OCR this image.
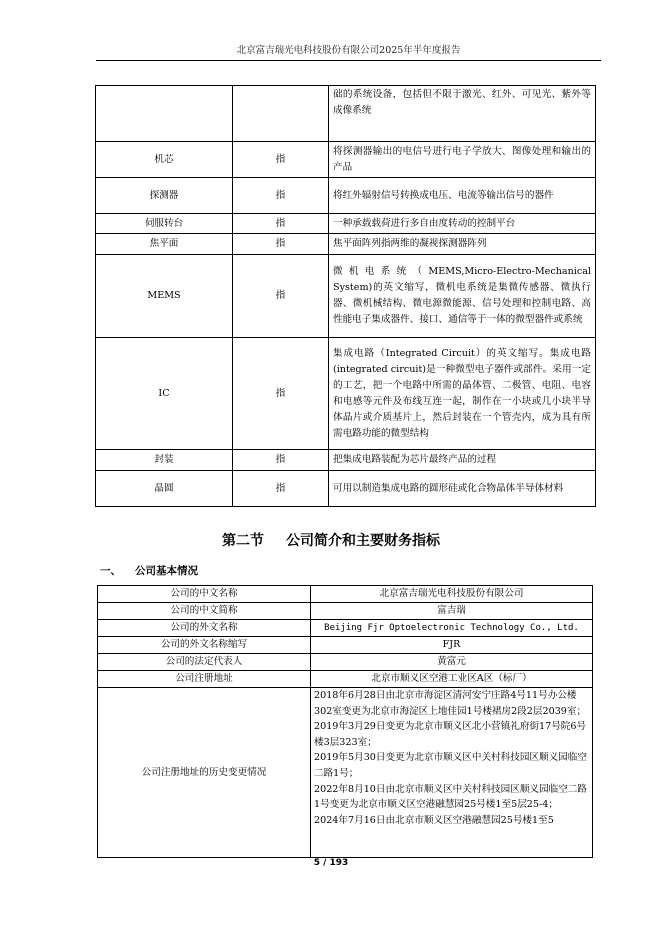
北京富吉瑞光电科技股份有限公司2025年半年度报告
		础的系统设备，包括但不限于激光、红外、可见光、紫外等成像系统
机芯	指	将探测器输出的电信号进行电子学放大、图像处理和输出的产品
探测器	指	将红外辐射信号转换成电压、电流等输出信号的器件
伺服转台	指	一种承载载荷进行多自由度转动的控制平台
焦平面	指	焦平面阵列指两维的凝视探测器阵列
MEMS	指	微机电系统（MEMS,Micro-Electro-Mechanical System)的英文缩写，微机电系统是集微传感器、微执行器、微机械结构、微电源微能源、信号处理和控制电路、高性能电子集成器件、接口、通信等于一体的微型器件或系统
IC	指	集成电路（Integrated Circuit）的英文缩写。集成电路(integrated circuit)是一种微型电子器件或部件。采用一定的工艺，把一个电路中所需的晶体管、二极管、电阻、电容和电感等元件及布线互连一起，制作在一小块或几小块半导体晶片或介质基片上，然后封装在一个管壳内，成为具有所需电路功能的微型结构
封装	指	把集成电路装配为芯片最终产品的过程
晶圆	指	可用以制造集成电路的圆形硅或化合物晶体半导体材料
第二节 公司简介和主要财务指标
一、 公司基本情况
公司的中文名称	北京富吉瑞光电科技股份有限公司
公司的中文简称	富吉瑞
公司的外文名称	Beijing Fjr Optoelectronic Technology Co., Ltd.
公司的外文名称缩写	FJR
公司的法定代表人	黄富元
公司注册地址	北京市顺义区空港工业区A区（标厂）
公司注册地址的历史变更情况	2018年6月28日由北京市海淀区清河安宁庄路4号11号办公楼302室变更为北京市海淀区上地佳园1号楼裙房2段2层2039室；
2019年3月29日变更为北京市顺义区北小营镇礼府街17号院6号楼3层323室；
2019年5月30日变更为北京市顺义区中关村科技园区顺义园临空二路1号；
2022年8月10日由北京市顺义区中关村科技园区顺义园临空二路1号变更为北京市顺义区空港融慧园25号楼1至5层25-4；
2024年7月16日由北京市顺义区空港融慧园25号楼1至5
5 / 193
